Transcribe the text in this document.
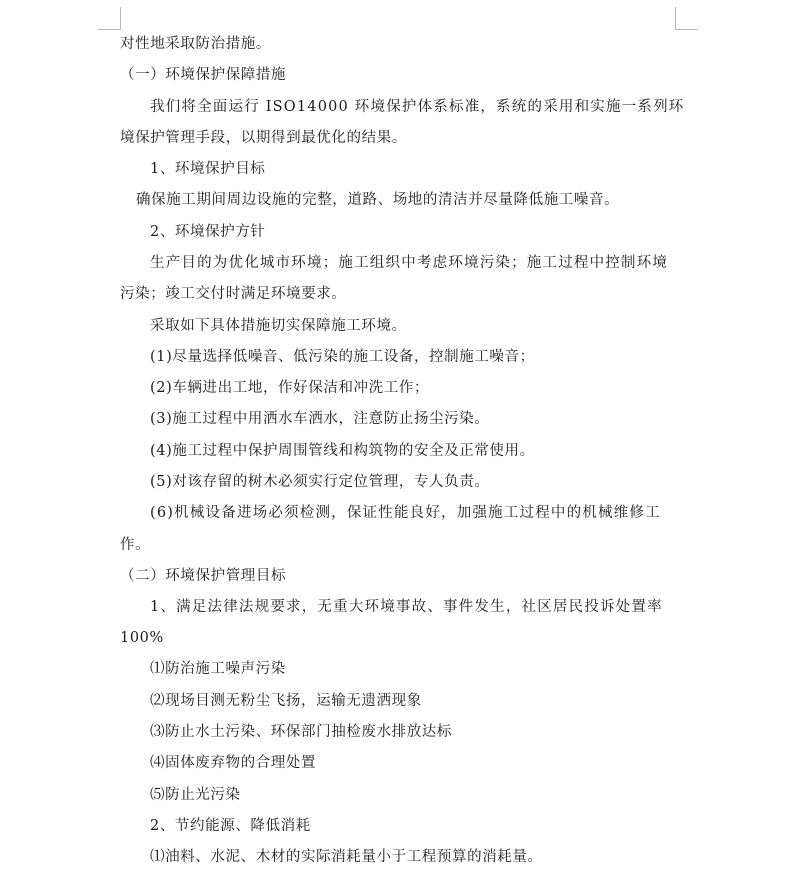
对性地采取防治措施。
（一）环境保护保障措施
我们将全面运行 ISO14000 环境保护体系标准，系统的采用和实施一系列环
境保护管理手段，以期得到最优化的结果。
1、环境保护目标
确保施工期间周边设施的完整，道路、场地的清洁并尽量降低施工噪音。
2、环境保护方针
生产目的为优化城市环境；施工组织中考虑环境污染；施工过程中控制环境
污染；竣工交付时满足环境要求。
采取如下具体措施切实保障施工环境。
(1)尽量选择低噪音、低污染的施工设备，控制施工噪音；
(2)车辆进出工地，作好保洁和冲洗工作；
(3)施工过程中用洒水车洒水，注意防止扬尘污染。
(4)施工过程中保护周围管线和构筑物的安全及正常使用。
(5)对该存留的树木必须实行定位管理，专人负责。
(6)机械设备进场必须检测，保证性能良好，加强施工过程中的机械维修工
作。
（二）环境保护管理目标
1、满足法律法规要求，无重大环境事故、事件发生，社区居民投诉处置率
100%
⑴防治施工噪声污染
⑵现场目测无粉尘飞扬，运输无遗洒现象
⑶防止水土污染、环保部门抽检废水排放达标
⑷固体废弃物的合理处置
⑸防止光污染
2、节约能源、降低消耗
⑴油料、水泥、木材的实际消耗量小于工程预算的消耗量。
